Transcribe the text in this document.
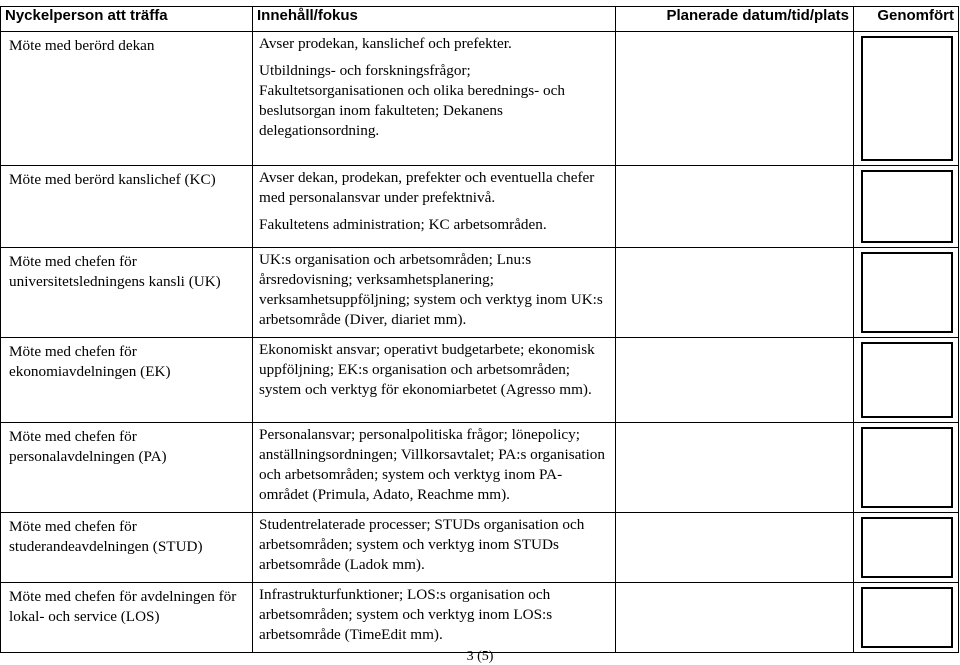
Nyckelperson att träffa	Innehåll/fokus	Planerade datum/tid/plats	Genomfört
Möte med berörd dekan	Avser prodekan, kanslichef och prefekter.

Utbildnings- och forskningsfrågor; Fakultetsorganisationen och olika berednings- och beslutsorgan inom fakulteten; Dekanens delegationsordning.		

Möte med berörd kanslichef (KC)	Avser dekan, prodekan, prefekter och eventuella chefer med personalansvar under prefektnivå.

Fakultetens administration; KC arbetsområden.		

Möte med chefen för universitetsledningens kansli (UK)	UK:s organisation och arbetsområden; Lnu:s årsredovisning; verksamhetsplanering; verksamhetsuppföljning; system och verktyg inom UK:s arbetsområde (Diver, diariet mm).		

Möte med chefen för ekonomiavdelningen (EK)	Ekonomiskt ansvar; operativt budgetarbete; ekonomisk uppföljning; EK:s organisation och arbetsområden; system och verktyg för ekonomiarbetet (Agresso mm).		

Möte med chefen för personalavdelningen (PA)	Personalansvar; personalpolitiska frågor; lönepolicy; anställningsordningen; Villkorsavtalet; PA:s organisation och arbetsområden; system och verktyg inom PA-området (Primula, Adato, Reachme mm).		

Möte med chefen för studerandeavdelningen (STUD)	Studentrelaterade processer; STUDs organisation och arbetsområden; system och verktyg inom STUDs arbetsområde (Ladok mm).		

Möte med chefen för avdelningen för lokal- och service (LOS)	Infrastrukturfunktioner; LOS:s organisation och arbetsområden; system och verktyg inom LOS:s arbetsområde (TimeEdit mm).		

3 (5)
